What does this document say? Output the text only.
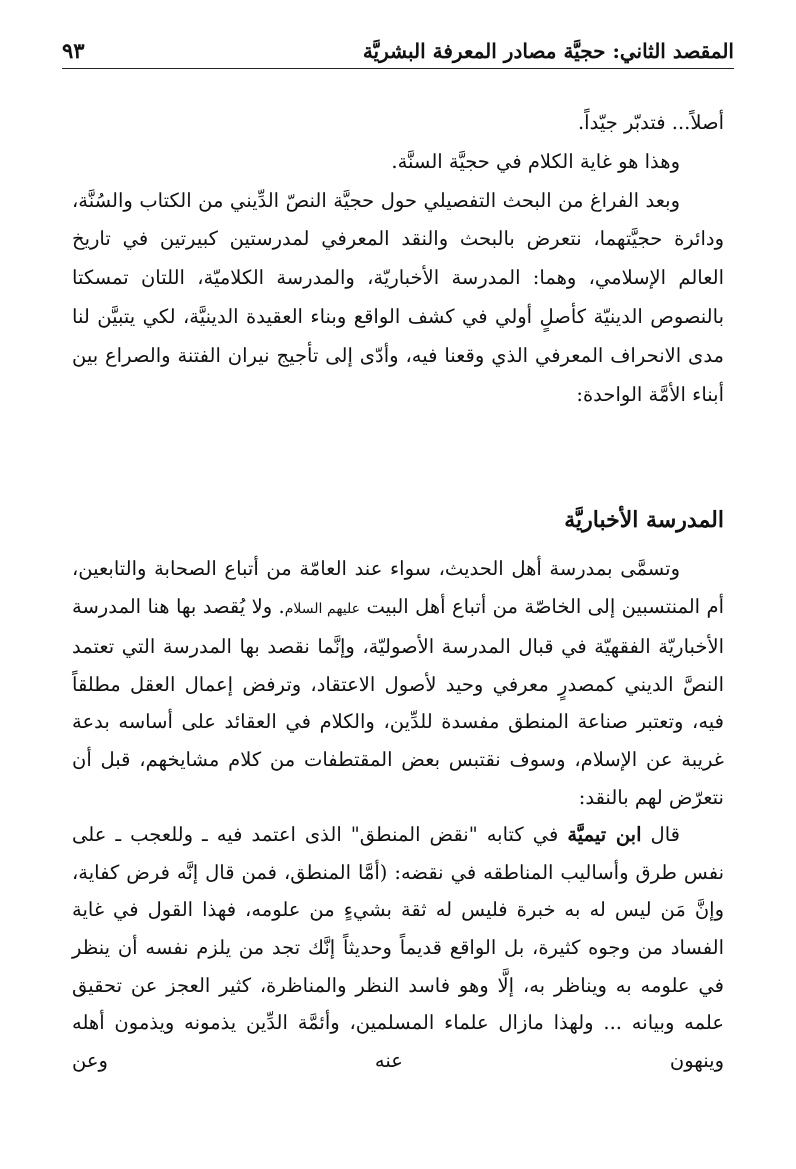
المقصد الثاني: حجيَّة مصادر المعرفة البشريَّة
٩٣

أصلاً... فتدبّر جيّداً.

وهذا هو غاية الكلام في حجيَّة السنَّة.

وبعد الفراغ من البحث التفصيلي حول حجيَّة النصّ الدِّيني من الكتاب والسُنَّة، ودائرة حجيَّتهما، نتعرض بالبحث والنقد المعرفي لمدرستين كبيرتين في تاريخ العالم الإسلامي، وهما: المدرسة الأخباريّة، والمدرسة الكلاميّة، اللتان تمسكتا بالنصوص الدينيّة كأصلٍ أولي في كشف الواقع وبناء العقيدة الدينيَّة، لكي يتبيَّن لنا مدى الانحراف المعرفي الذي وقعنا فيه، وأدّى إلى تأجيج نيران الفتنة والصراع بين أبناء الأمَّة الواحدة:

المدرسة الأخباريَّة

وتسمَّى بمدرسة أهل الحديث، سواء عند العامّة من أتباع الصحابة والتابعين، أم المنتسبين إلى الخاصّة من أتباع أهل البيت عليهم السلام. ولا يُقصد بها هنا المدرسة الأخباريّة الفقهيّة في قبال المدرسة الأصوليّة، وإنَّما نقصد بها المدرسة التي تعتمد النصَّ الديني كمصدرٍ معرفي وحيد لأصول الاعتقاد، وترفض إعمال العقل مطلقاً فيه، وتعتبر صناعة المنطق مفسدة للدِّين، والكلام في العقائد على أساسه بدعة غريبة عن الإسلام، وسوف نقتبس بعض المقتطفات من كلام مشايخهم، قبل أن نتعرّض لهم بالنقد:

قال ابن تيميَّة في كتابه "نقض المنطق" الذى اعتمد فيه ـ وللعجب ـ على نفس طرق وأساليب المناطقه في نقضه: (أمَّا المنطق، فمن قال إنَّه فرض كفاية، وإنَّ مَن ليس له به خبرة فليس له ثقة بشيءٍ من علومه، فهذا القول في غاية الفساد من وجوه كثيرة، بل الواقع قديماً وحديثاً إنَّك تجد من يلزم نفسه أن ينظر في علومه به ويناظر به، إلَّا وهو فاسد النظر والمناظرة، كثير العجز عن تحقيق علمه وبيانه ... ولهذا مازال علماء المسلمين، وأئمَّة الدِّين يذمونه ويذمون أهله وينهون عنه وعن
